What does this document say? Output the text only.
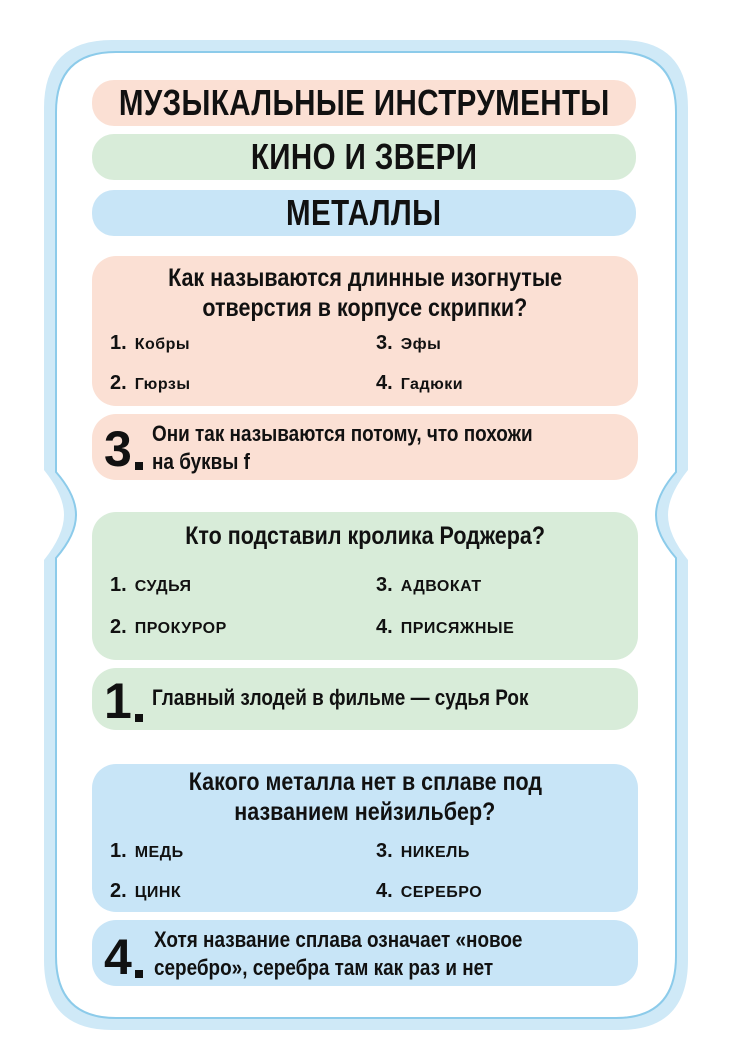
МУЗЫКАЛЬНЫЕ ИНСТРУМЕНТЫ
КИНО И ЗВЕРИ
МЕТАЛЛЫ
Как называются длинные изогнутые
отверстия в корпусе скрипки?
1. Кобры
2. Гюрзы
3. Эфы
4. Гадюки
3 Они так называются потому, что похожи
на буквы f
Кто подставил кролика Роджера?
1. СУДЬЯ
2. ПРОКУРОР
3. АДВОКАТ
4. ПРИСЯЖНЫЕ
1 Главный злодей в фильме — судья Рок
Какого металла нет в сплаве под
названием нейзильбер?
1. МЕДЬ
2. ЦИНК
3. НИКЕЛЬ
4. СЕРЕБРО
4 Хотя название сплава означает «новое
серебро», серебра там как раз и нет
